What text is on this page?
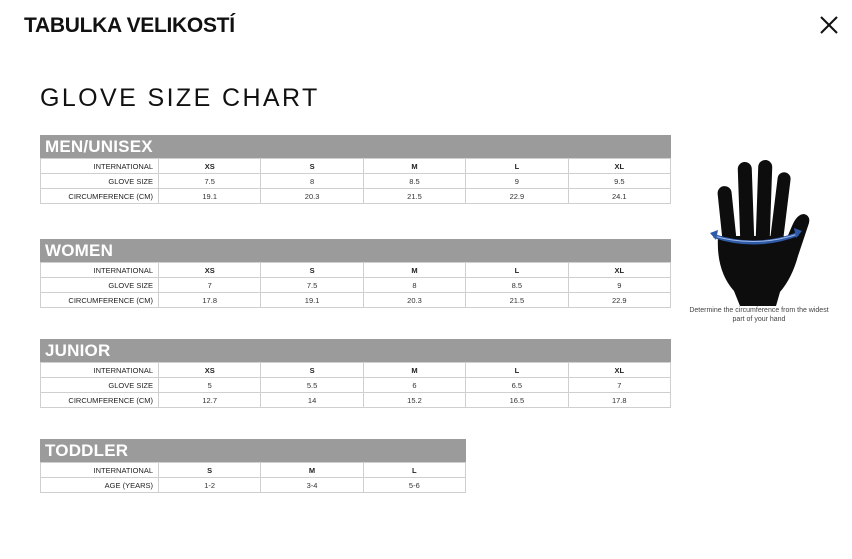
TABULKA VELIKOSTÍ
GLOVE SIZE CHART
MEN/UNISEX
INTERNATIONAL	XS	S	M	L	XL
GLOVE SIZE	7.5	8	8.5	9	9.5
CIRCUMFERENCE (CM)	19.1	20.3	21.5	22.9	24.1
WOMEN
INTERNATIONAL	XS	S	M	L	XL
GLOVE SIZE	7	7.5	8	8.5	9
CIRCUMFERENCE (CM)	17.8	19.1	20.3	21.5	22.9
JUNIOR
INTERNATIONAL	XS	S	M	L	XL
GLOVE SIZE	5	5.5	6	6.5	7
CIRCUMFERENCE (CM)	12.7	14	15.2	16.5	17.8
TODDLER
INTERNATIONAL	S	M	L
AGE (YEARS)	1-2	3-4	5-6

Determine the circumference from the widest part of your hand
